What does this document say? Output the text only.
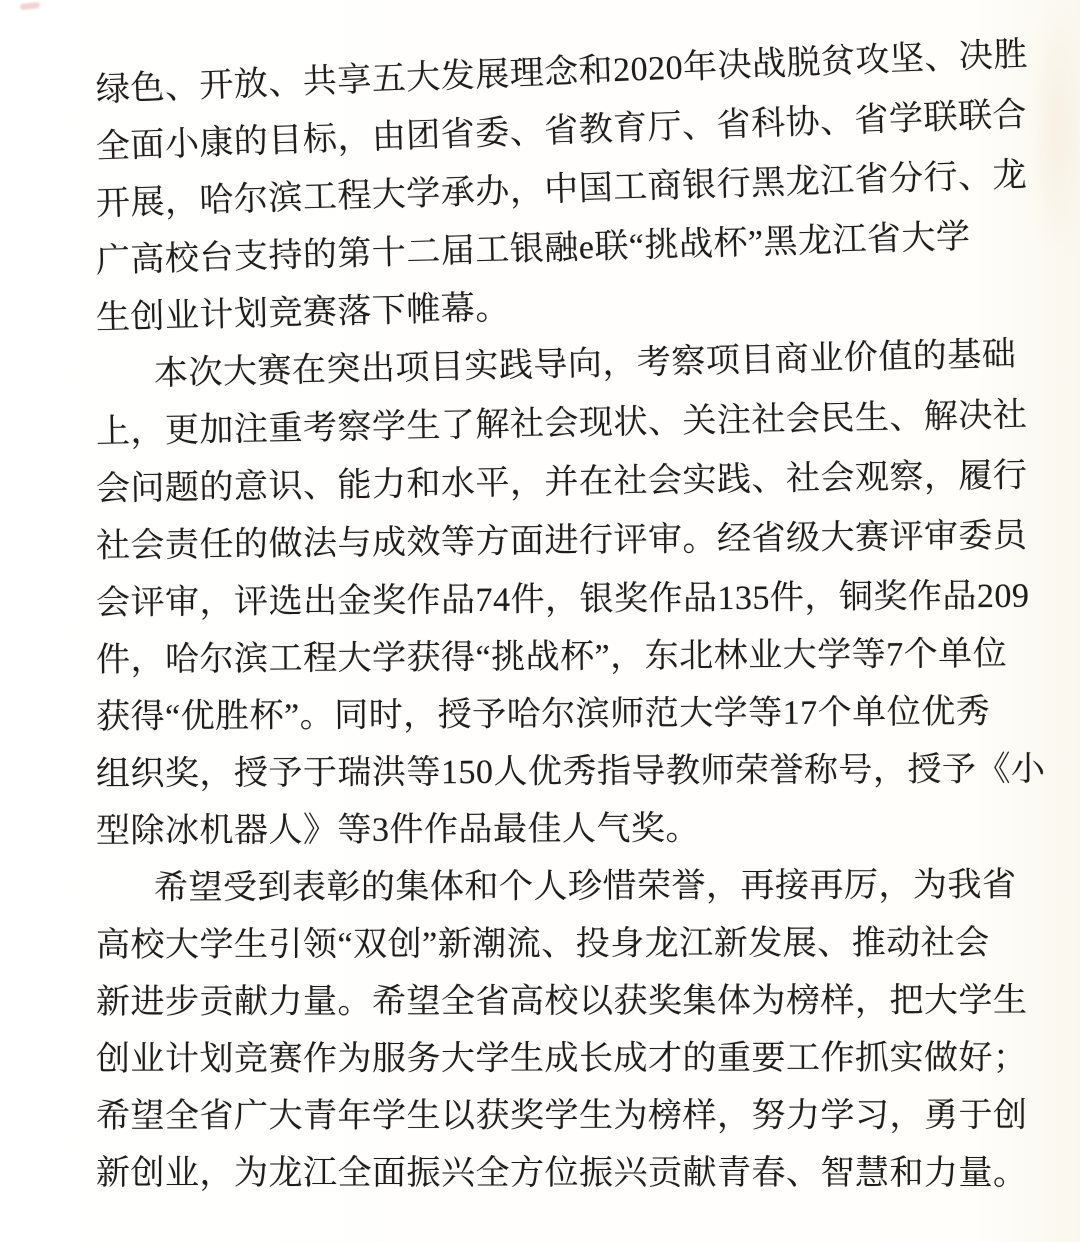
绿色、开放、共享五大发展理念和2020年决战脱贫攻坚、决胜
全面小康的目标，由团省委、省教育厅、省科协、省学联联合
开展，哈尔滨工程大学承办，中国工商银行黑龙江省分行、龙
广高校台支持的第十二届工银融e联“挑战杯”黑龙江省大学
生创业计划竞赛落下帷幕。
本次大赛在突出项目实践导向，考察项目商业价值的基础
上，更加注重考察学生了解社会现状、关注社会民生、解决社
会问题的意识、能力和水平，并在社会实践、社会观察，履行
社会责任的做法与成效等方面进行评审。经省级大赛评审委员
会评审，评选出金奖作品74件，银奖作品135件，铜奖作品209
件，哈尔滨工程大学获得“挑战杯”，东北林业大学等7个单位
获得“优胜杯”。同时，授予哈尔滨师范大学等17个单位优秀
组织奖，授予于瑞洪等150人优秀指导教师荣誉称号，授予《小
型除冰机器人》等3件作品最佳人气奖。
希望受到表彰的集体和个人珍惜荣誉，再接再厉，为我省
高校大学生引领“双创”新潮流、投身龙江新发展、推动社会
新进步贡献力量。希望全省高校以获奖集体为榜样，把大学生
创业计划竞赛作为服务大学生成长成才的重要工作抓实做好；
希望全省广大青年学生以获奖学生为榜样，努力学习，勇于创
新创业，为龙江全面振兴全方位振兴贡献青春、智慧和力量。
